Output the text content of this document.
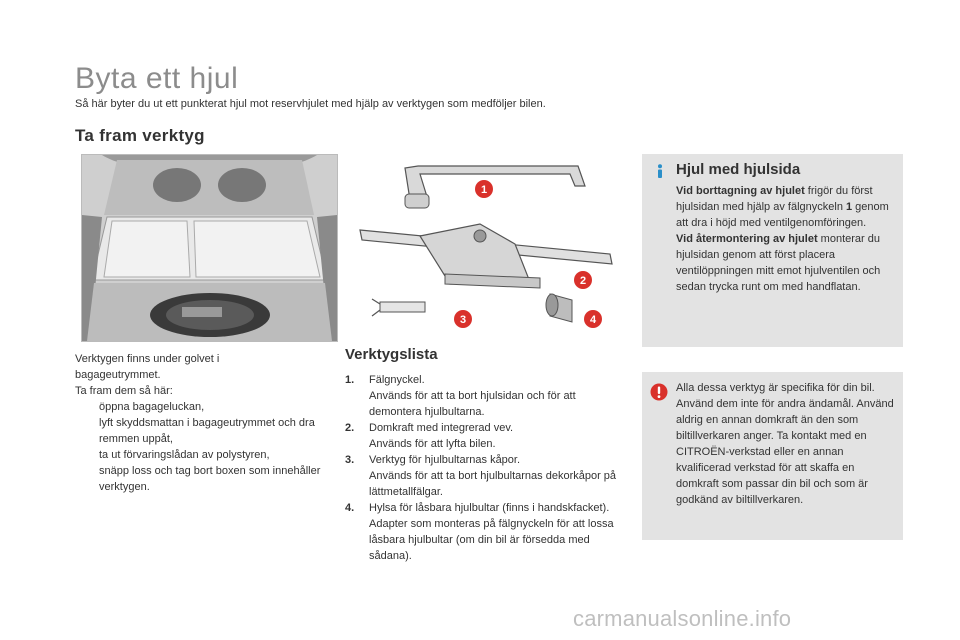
Byta ett hjul
Så här byter du ut ett punkterat hjul mot reservhjulet med hjälp av verktygen som medföljer bilen.
Ta fram verktyg
1
2
3	4
Verktygen finns under golvet i
bagageutrymmet.
Ta fram dem så här:
öppna bagageluckan,
lyft skyddsmattan i bagageutrymmet och dra remmen uppåt,
ta ut förvaringslådan av polystyren,
snäpp loss och tag bort boxen som innehåller verktygen.
Verktygslista
1. Fälgnyckel.
Används för att ta bort hjulsidan och för att demontera hjulbultarna.
2. Domkraft med integrerad vev.
Används för att lyfta bilen.
3. Verktyg för hjulbultarnas kåpor.
Används för att ta bort hjulbultarnas dekorkåpor på lättmetallfälgar.
4. Hylsa för låsbara hjulbultar (finns i handskfacket).
Adapter som monteras på fälgnyckeln för att lossa låsbara hjulbultar (om din bil är försedda med sådana).
Hjul med hjulsida
Vid borttagning av hjulet frigör du först hjulsidan med hjälp av fälgnyckeln 1 genom att dra i höjd med ventilgenomföringen.
Vid återmontering av hjulet monterar du hjulsidan genom att först placera ventilöppningen mitt emot hjulventilen och sedan trycka runt om med handflatan.
Alla dessa verktyg är specifika för din bil. Använd dem inte för andra ändamål. Använd aldrig en annan domkraft än den som biltillverkaren anger. Ta kontakt med en CITROËN-verkstad eller en annan kvalificerad verkstad för att skaffa en domkraft som passar din bil och som är godkänd av biltillverkaren.
carmanualsonline.info
